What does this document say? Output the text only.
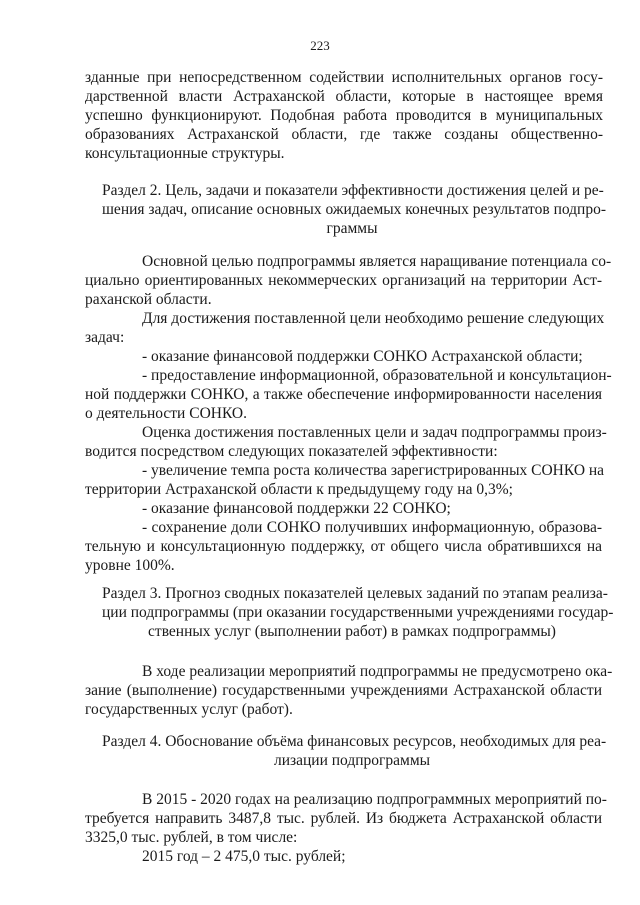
223

зданные при непосредственном содействии исполнительных органов госу-

дарственной власти Астраханской области, которые в настоящее время

успешно функционируют. Подобная работа проводится в муниципальных

образованиях Астраханской области, где также созданы общественно-

консультационные структуры.

Раздел 2. Цель, задачи и показатели эффективности достижения целей и ре-

шения задач, описание основных ожидаемых конечных результатов подпро-

граммы

Основной целью подпрограммы является наращивание потенциала со-

циально ориентированных некоммерческих организаций на территории Аст-

раханской области.

Для достижения поставленной цели необходимо решение следующих

задач:

- оказание финансовой поддержки СОНКО Астраханской области;

- предоставление информационной, образовательной и консультацион-

ной поддержки СОНКО, а также обеспечение информированности населения

о деятельности СОНКО.

Оценка достижения поставленных цели и задач подпрограммы произ-

водится посредством следующих показателей эффективности:

- увеличение темпа роста количества зарегистрированных СОНКО на

территории Астраханской области к предыдущему году на 0,3%;

- оказание финансовой поддержки 22 СОНКО;

- сохранение доли СОНКО получивших информационную, образова-

тельную и консультационную поддержку, от общего числа обратившихся на

уровне 100%.

Раздел 3. Прогноз сводных показателей целевых заданий по этапам реализа-

ции подпрограммы (при оказании государственными учреждениями государ-

ственных услуг (выполнении работ) в рамках подпрограммы)

В ходе реализации мероприятий подпрограммы не предусмотрено ока-

зание (выполнение) государственными учреждениями Астраханской области

государственных услуг (работ).

Раздел 4. Обоснование объёма финансовых ресурсов, необходимых для реа-

лизации подпрограммы

В 2015 - 2020 годах на реализацию подпрограммных мероприятий по-

требуется направить 3487,8 тыс. рублей. Из бюджета Астраханской области

3325,0 тыс. рублей, в том числе:

2015 год – 2 475,0 тыс. рублей;
